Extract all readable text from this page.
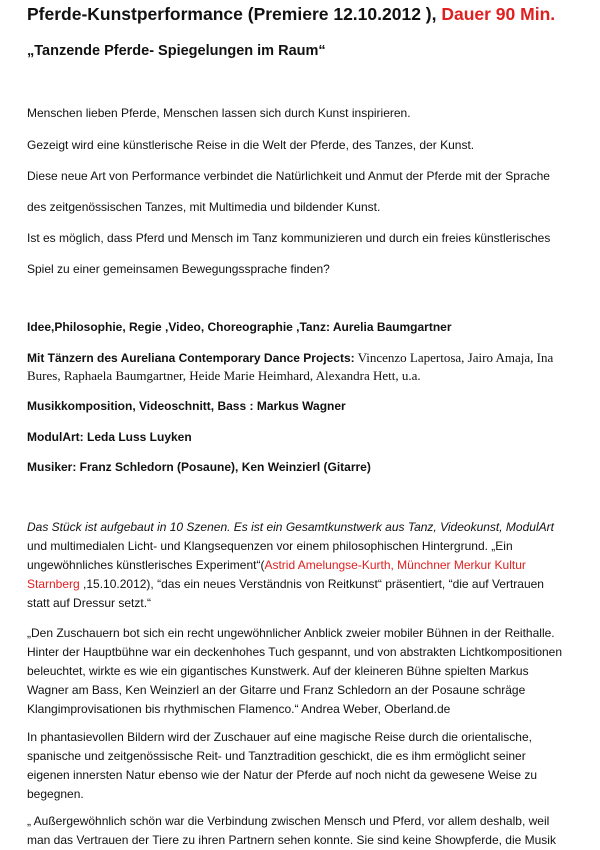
Pferde-Kunstperformance (Premiere 12.10.2012 ), Dauer 90 Min.
„Tanzende Pferde- Spiegelungen im Raum“

Menschen lieben Pferde, Menschen lassen sich durch Kunst inspirieren.

Gezeigt wird eine künstlerische Reise in die Welt der Pferde, des Tanzes, der Kunst.

Diese neue Art von Performance verbindet die Natürlichkeit und Anmut der Pferde mit der Sprache

des zeitgenössischen Tanzes, mit Multimedia und bildender Kunst.

Ist es möglich, dass Pferd und Mensch im Tanz kommunizieren und durch ein freies künstlerisches

Spiel zu einer gemeinsamen Bewegungssprache finden?

Idee,Philosophie, Regie ,Video, Choreographie ,Tanz: Aurelia Baumgartner

Mit Tänzern des Aureliana Contemporary Dance Projects: Vincenzo Lapertosa, Jairo Amaja, Ina

Bures, Raphaela Baumgartner, Heide Marie Heimhard, Alexandra Hett, u.a.

Musikkomposition, Videoschnitt, Bass : Markus Wagner

ModulArt: Leda Luss Luyken

Musiker: Franz Schledorn (Posaune), Ken Weinzierl (Gitarre)

Das Stück ist aufgebaut in 10 Szenen. Es ist ein Gesamtkunstwerk aus Tanz, Videokunst, ModulArt
und multimedialen Licht- und Klangsequenzen vor einem philosophischen Hintergrund. „Ein
ungewöhnliches künstlerisches Experiment“(Astrid Amelungse-Kurth, Münchner Merkur Kultur
Starnberg ,15.10.2012), “das ein neues Verständnis von Reitkunst“ präsentiert, “die auf Vertrauen
statt auf Dressur setzt.“
„Den Zuschauern bot sich ein recht ungewöhnlicher Anblick zweier mobiler Bühnen in der Reithalle.
Hinter der Hauptbühne war ein deckenhohes Tuch gespannt, und von abstrakten Lichtkompositionen
beleuchtet, wirkte es wie ein gigantisches Kunstwerk. Auf der kleineren Bühne spielten Markus
Wagner am Bass, Ken Weinzierl an der Gitarre und Franz Schledorn an der Posaune schräge
Klangimprovisationen bis rhythmischen Flamenco.“ Andrea Weber, Oberland.de
In phantasievollen Bildern wird der Zuschauer auf eine magische Reise durch die orientalische,
spanische und zeitgenössische Reit- und Tanztradition geschickt, die es ihm ermöglicht seiner
eigenen innersten Natur ebenso wie der Natur der Pferde auf noch nicht da gewesene Weise zu
begegnen.
„ Außergewöhnlich schön war die Verbindung zwischen Mensch und Pferd, vor allem deshalb, weil
man das Vertrauen der Tiere zu ihren Partnern sehen konnte. Sie sind keine Showpferde, die Musik
